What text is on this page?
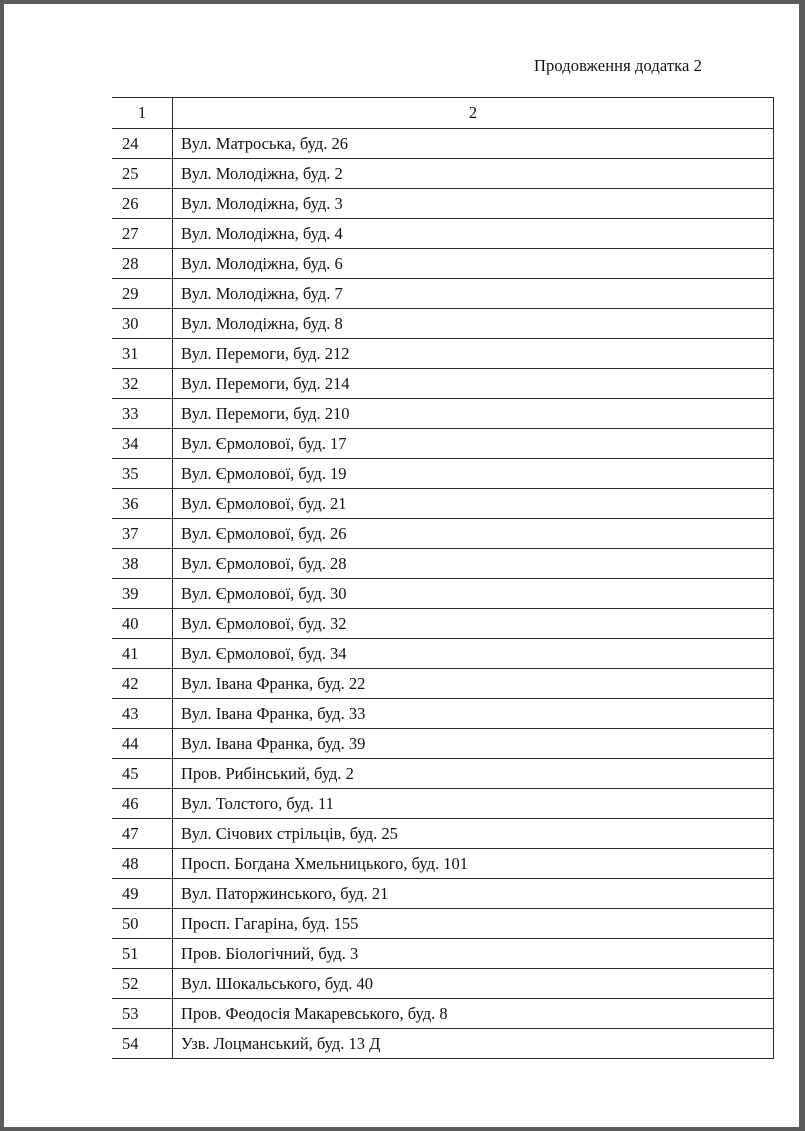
Продовження додатка 2
1	2
24	Вул. Матроська, буд. 26
25	Вул. Молодіжна, буд. 2
26	Вул. Молодіжна, буд. 3
27	Вул. Молодіжна, буд. 4
28	Вул. Молодіжна, буд. 6
29	Вул. Молодіжна, буд. 7
30	Вул. Молодіжна, буд. 8
31	Вул. Перемоги, буд. 212
32	Вул. Перемоги, буд. 214
33	Вул. Перемоги, буд. 210
34	Вул. Єрмолової, буд. 17
35	Вул. Єрмолової, буд. 19
36	Вул. Єрмолової, буд. 21
37	Вул. Єрмолової, буд. 26
38	Вул. Єрмолової, буд. 28
39	Вул. Єрмолової, буд. 30
40	Вул. Єрмолової, буд. 32
41	Вул. Єрмолової, буд. 34
42	Вул. Івана Франка, буд. 22
43	Вул. Івана Франка, буд. 33
44	Вул. Івана Франка, буд. 39
45	Пров. Рибінський, буд. 2
46	Вул. Толстого, буд. 11
47	Вул. Січових стрільців, буд. 25
48	Просп. Богдана Хмельницького, буд. 101
49	Вул. Паторжинського, буд. 21
50	Просп. Гагаріна, буд. 155
51	Пров. Біологічний, буд. 3
52	Вул. Шокальського, буд. 40
53	Пров. Феодосія Макаревського, буд. 8
54	Узв. Лоцманський, буд. 13 Д
